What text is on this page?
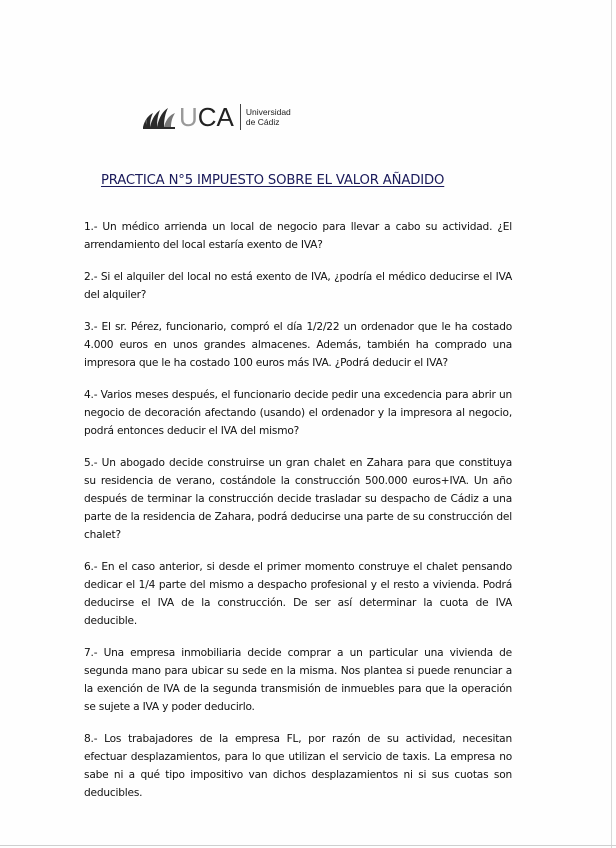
UCA Universidad
de Cádiz
PRACTICA N°5 IMPUESTO SOBRE EL VALOR AÑADIDO

1.- Un médico arrienda un local de negocio para llevar a cabo su actividad. ¿El arrendamiento del local estaría exento de IVA?

2.- Si el alquiler del local no está exento de IVA, ¿podría el médico deducirse el IVA del alquiler?

3.- El sr. Pérez, funcionario, compró el día 1/2/22 un ordenador que le ha costado 4.000 euros en unos grandes almacenes. Además, también ha comprado una impresora que le ha costado 100 euros más IVA. ¿Podrá deducir el IVA?

4.- Varios meses después, el funcionario decide pedir una excedencia para abrir un negocio de decoración afectando (usando) el ordenador y la impresora al negocio, podrá entonces deducir el IVA del mismo?

5.- Un abogado decide construirse un gran chalet en Zahara para que constituya su residencia de verano, costándole la construcción 500.000 euros+IVA. Un año después de terminar la construcción decide trasladar su despacho de Cádiz a una parte de la residencia de Zahara, podrá deducirse una parte de su construcción del chalet?

6.- En el caso anterior, si desde el primer momento construye el chalet pensando dedicar el 1/4 parte del mismo a despacho profesional y el resto a vivienda. Podrá deducirse el IVA de la construcción. De ser así determinar la cuota de IVA deducible.

7.- Una empresa inmobiliaria decide comprar a un particular una vivienda de segunda mano para ubicar su sede en la misma. Nos plantea si puede renunciar a la exención de IVA de la segunda transmisión de inmuebles para que la operación se sujete a IVA y poder deducirlo.

8.- Los trabajadores de la empresa FL, por razón de su actividad, necesitan efectuar desplazamientos, para lo que utilizan el servicio de taxis. La empresa no sabe ni a qué tipo impositivo van dichos desplazamientos ni si sus cuotas son deducibles.
